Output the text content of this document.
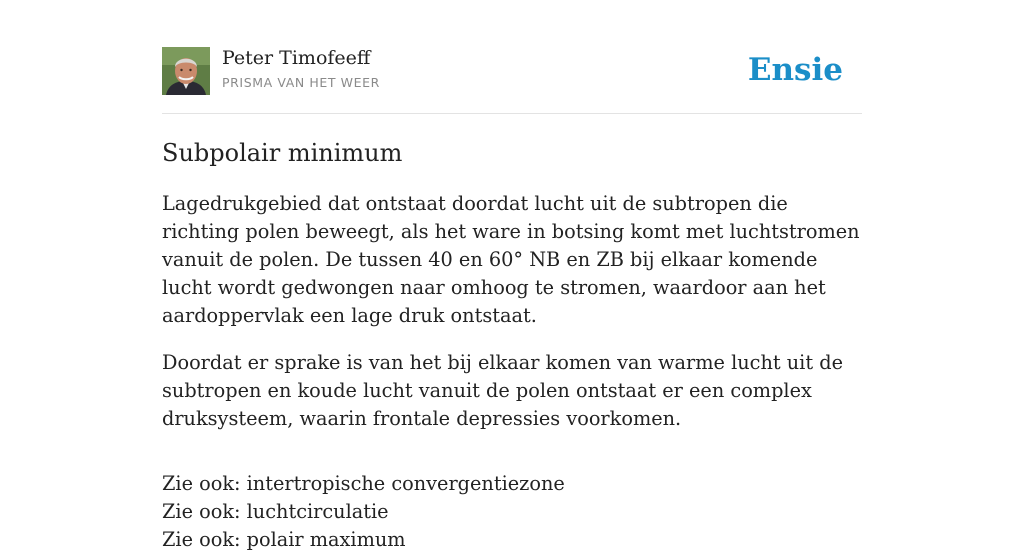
Peter Timofeeff
PRISMA VAN HET WEER	Ensie
Subpolair minimum

Lagedrukgebied dat ontstaat doordat lucht uit de subtropen die richting polen beweegt, als het ware in botsing komt met luchtstromen vanuit de polen. De tussen 40 en 60° NB en ZB bij elkaar komende lucht wordt gedwongen naar omhoog te stromen, waardoor aan het aardoppervlak een lage druk ontstaat.

Doordat er sprake is van het bij elkaar komen van warme lucht uit de subtropen en koude lucht vanuit de polen ontstaat er een complex druksysteem, waarin frontale depressies voorkomen.

Zie ook: intertropische convergentiezone
Zie ook: luchtcirculatie
Zie ook: polair maximum
